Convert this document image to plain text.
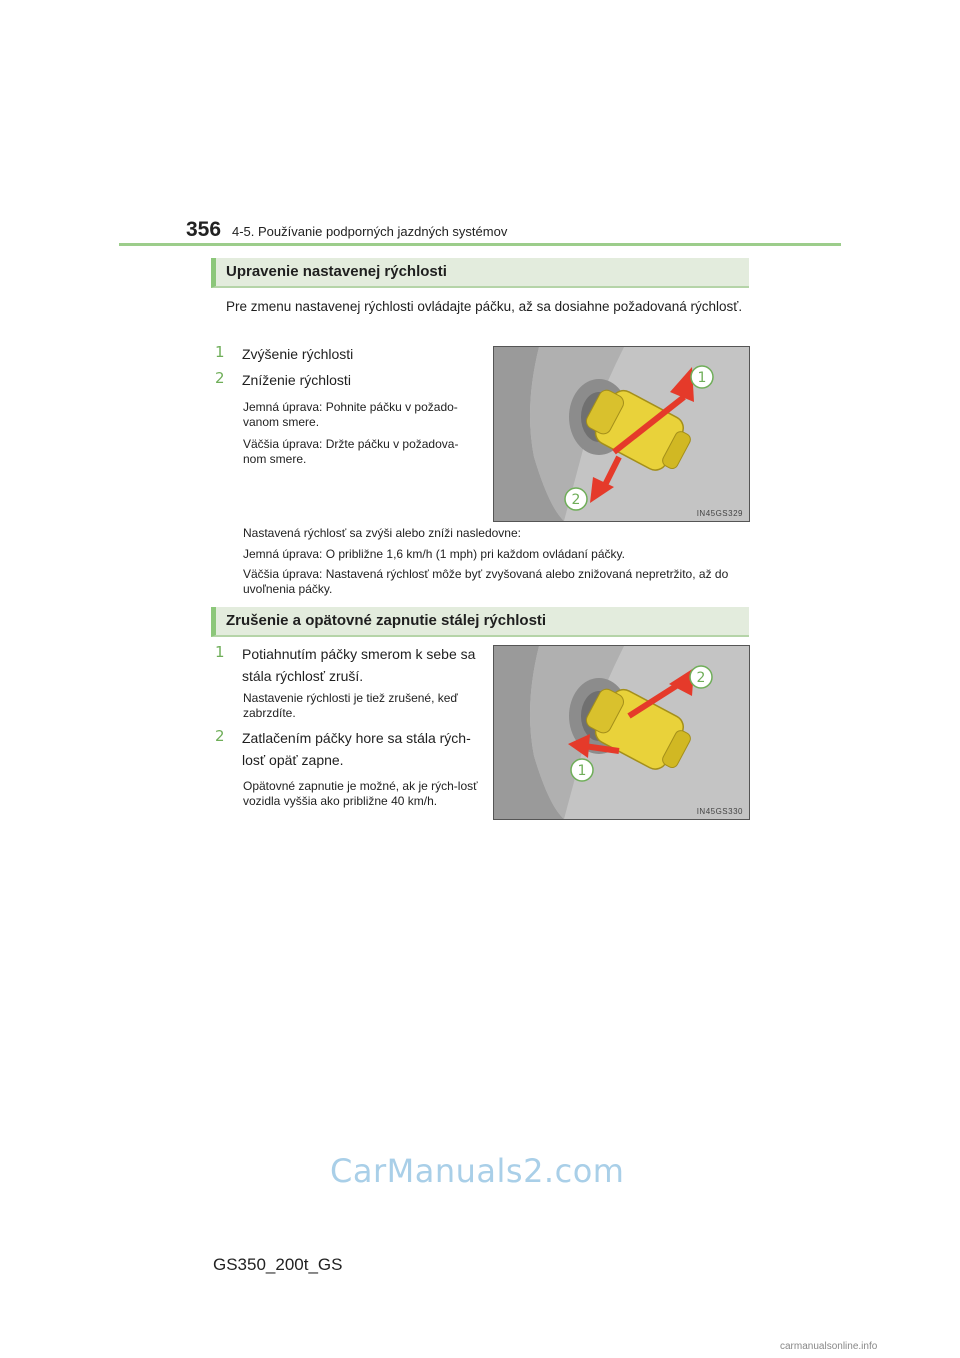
356 4-5. Používanie podporných jazdných systémov
Upravenie nastavenej rýchlosti
Pre zmenu nastavenej rýchlosti ovládajte páčku, až sa dosiahne požadovaná rýchlosť.
1 Zvýšenie rýchlosti
2 Zníženie rýchlosti
Jemná úprava: Pohnite páčku v požado-vanom smere.
Väčšia úprava: Držte páčku v požadova-nom smere.
1
2
IN45GS329
Nastavená rýchlosť sa zvýši alebo zníži nasledovne:
Jemná úprava: O približne 1,6 km/h (1 mph) pri každom ovládaní páčky.
Väčšia úprava: Nastavená rýchlosť môže byť zvyšovaná alebo znižovaná nepretržito, až do uvoľnenia páčky.
Zrušenie a opätovné zapnutie stálej rýchlosti
1 Potiahnutím páčky smerom k sebe sa stála rýchlosť zruší.
Nastavenie rýchlosti je tiež zrušené, keď zabrzdíte.
2 Zatlačením páčky hore sa stála rých-losť opäť zapne.
Opätovné zapnutie je možné, ak je rých-losť vozidla vyššia ako približne 40 km/h.
2
1
IN45GS330
CarManuals2.com
GS350_200t_GS
carmanualsonline.info
